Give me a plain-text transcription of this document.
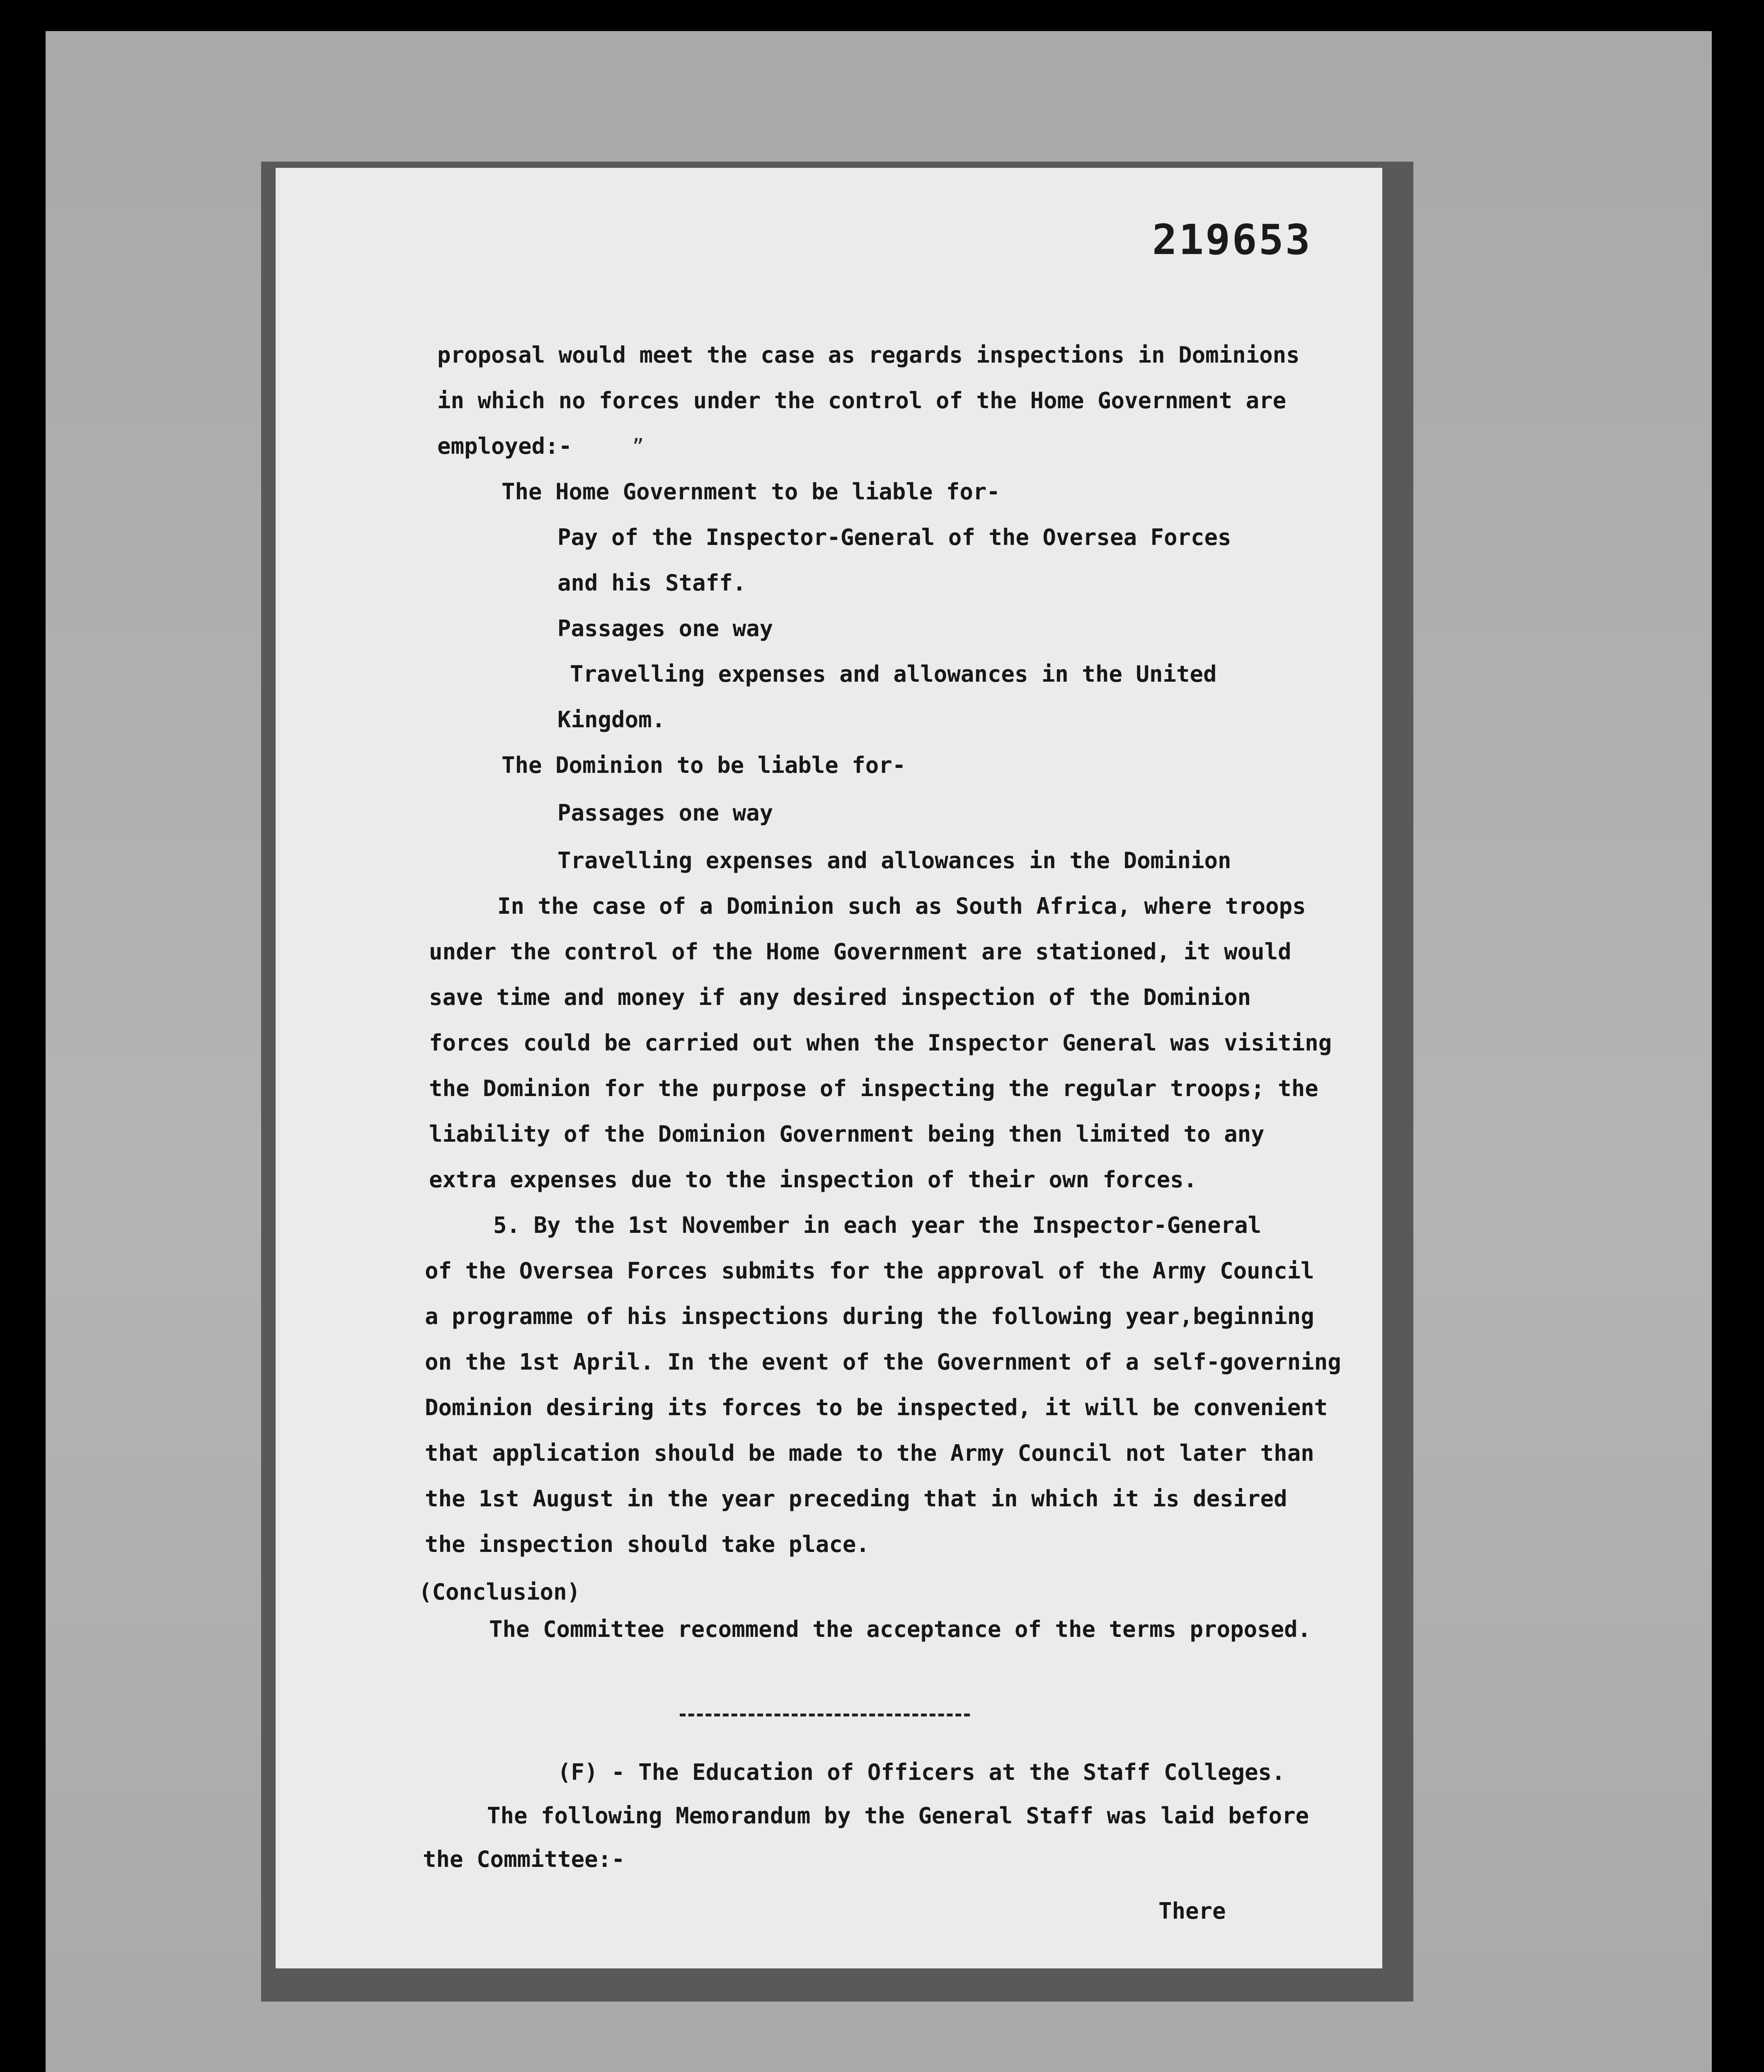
219653
„
proposal would meet the case as regards inspections in Dominions
in which no forces under the control of the Home Government are
employed:-
The Home Government to be liable for-
Pay of the Inspector-General of the Oversea Forces
and his Staff.
Passages one way
Travelling expenses and allowances in the United
Kingdom.
The Dominion to be liable for-
Passages one way
Travelling expenses and allowances in the Dominion
In the case of a Dominion such as South Africa, where troops
under the control of the Home Government are stationed, it would
save time and money if any desired inspection of the Dominion
forces could be carried out when the Inspector General was visiting
the Dominion for the purpose of inspecting the regular troops; the
liability of the Dominion Government being then limited to any
extra expenses due to the inspection of their own forces.
5. By the 1st November in each year the Inspector-General
of the Oversea Forces submits for the approval of the Army Council
a programme of his inspections during the following year,beginning
on the 1st April. In the event of the Government of a self-governing
Dominion desiring its forces to be inspected, it will be convenient
that application should be made to the Army Council not later than
the 1st August in the year preceding that in which it is desired
the inspection should take place.
(Conclusion)
The Committee recommend the acceptance of the terms proposed.
(F) - The Education of Officers at the Staff Colleges.
The following Memorandum by the General Staff was laid before
the Committee:-
There
